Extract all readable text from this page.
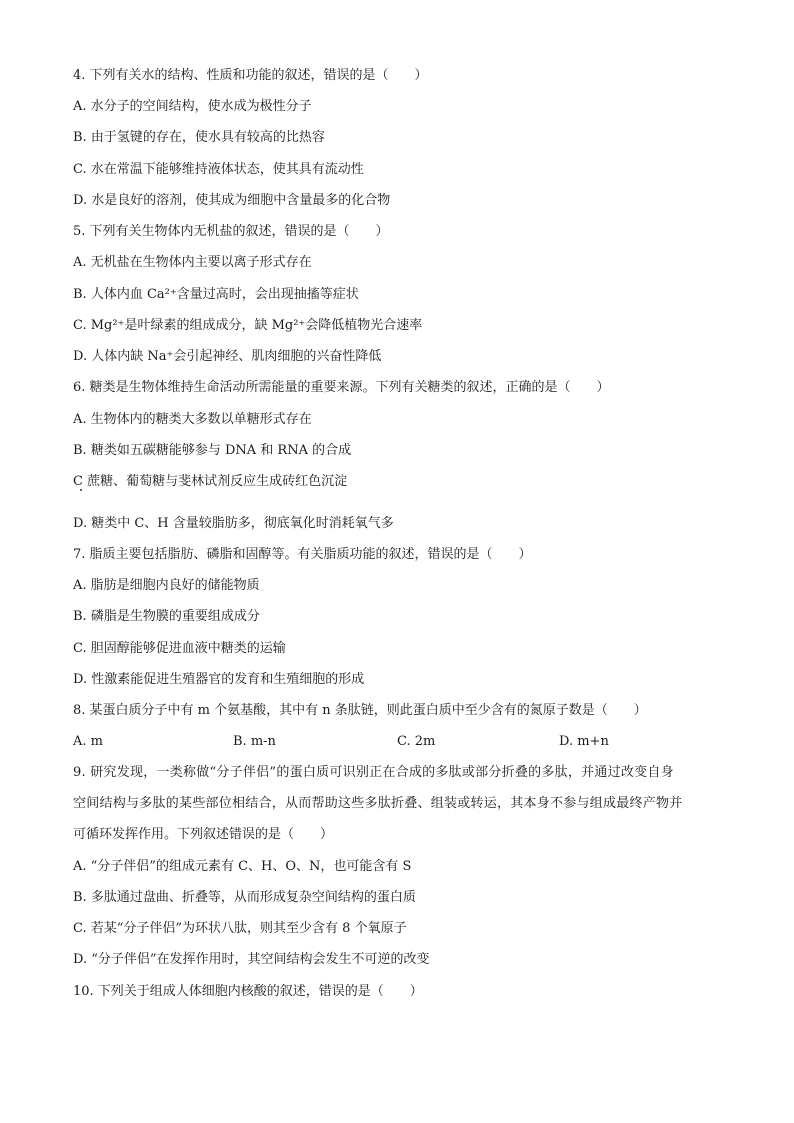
4. 下列有关水的结构、性质和功能的叙述，错误的是（　　）
A. 水分子的空间结构，使水成为极性分子
B. 由于氢键的存在，使水具有较高的比热容
C. 水在常温下能够维持液体状态，使其具有流动性
D. 水是良好的溶剂，使其成为细胞中含量最多的化合物
5. 下列有关生物体内无机盐的叙述，错误的是（　　）
A. 无机盐在生物体内主要以离子形式存在
B. 人体内血 Ca²⁺含量过高时，会出现抽搐等症状
C. Mg²⁺是叶绿素的组成成分，缺 Mg²⁺会降低植物光合速率
D. 人体内缺 Na⁺会引起神经、肌肉细胞的兴奋性降低
6. 糖类是生物体维持生命活动所需能量的重要来源。下列有关糖类的叙述，正确的是（　　）
A. 生物体内的糖类大多数以单糖形式存在
B. 糖类如五碳糖能够参与 DNA 和 RNA 的合成
C 蔗糖、葡萄糖与斐林试剂反应生成砖红色沉淀
D. 糖类中 C、H 含量较脂肪多，彻底氧化时消耗氧气多
7. 脂质主要包括脂肪、磷脂和固醇等。有关脂质功能的叙述，错误的是（　　）
A. 脂肪是细胞内良好的储能物质
B. 磷脂是生物膜的重要组成成分
C. 胆固醇能够促进血液中糖类的运输
D. 性激素能促进生殖器官的发育和生殖细胞的形成
8. 某蛋白质分子中有 m 个氨基酸，其中有 n 条肽链，则此蛋白质中至少含有的氮原子数是（　　）
A. m	B. m-n	C. 2m	D. m+n
9. 研究发现，一类称做“分子伴侣”的蛋白质可识别正在合成的多肽或部分折叠的多肽，并通过改变自身
空间结构与多肽的某些部位相结合，从而帮助这些多肽折叠、组装或转运，其本身不参与组成最终产物并
可循环发挥作用。下列叙述错误的是（　　）
A. “分子伴侣”的组成元素有 C、H、O、N，也可能含有 S
B. 多肽通过盘曲、折叠等，从而形成复杂空间结构的蛋白质
C. 若某“分子伴侣”为环状八肽，则其至少含有 8 个氧原子
D. “分子伴侣”在发挥作用时，其空间结构会发生不可逆的改变
10. 下列关于组成人体细胞内核酸的叙述，错误的是（　　）
